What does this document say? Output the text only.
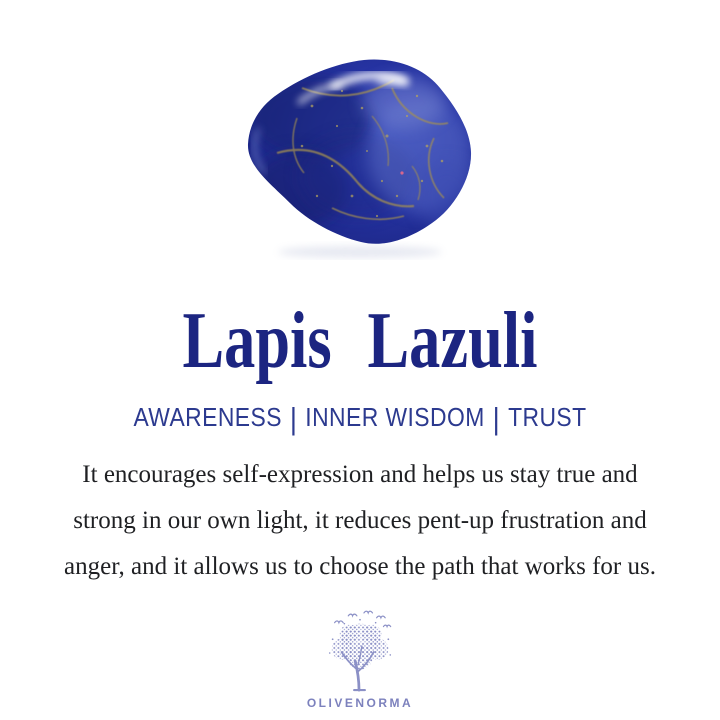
Lapis Lazuli
AWARENESS | INNER WISDOM | TRUST

It encourages self-expression and helps us stay true and
strong in our own light, it reduces pent-up frustration and
anger, and it allows us to choose the path that works for us.

OLIVENORMA
